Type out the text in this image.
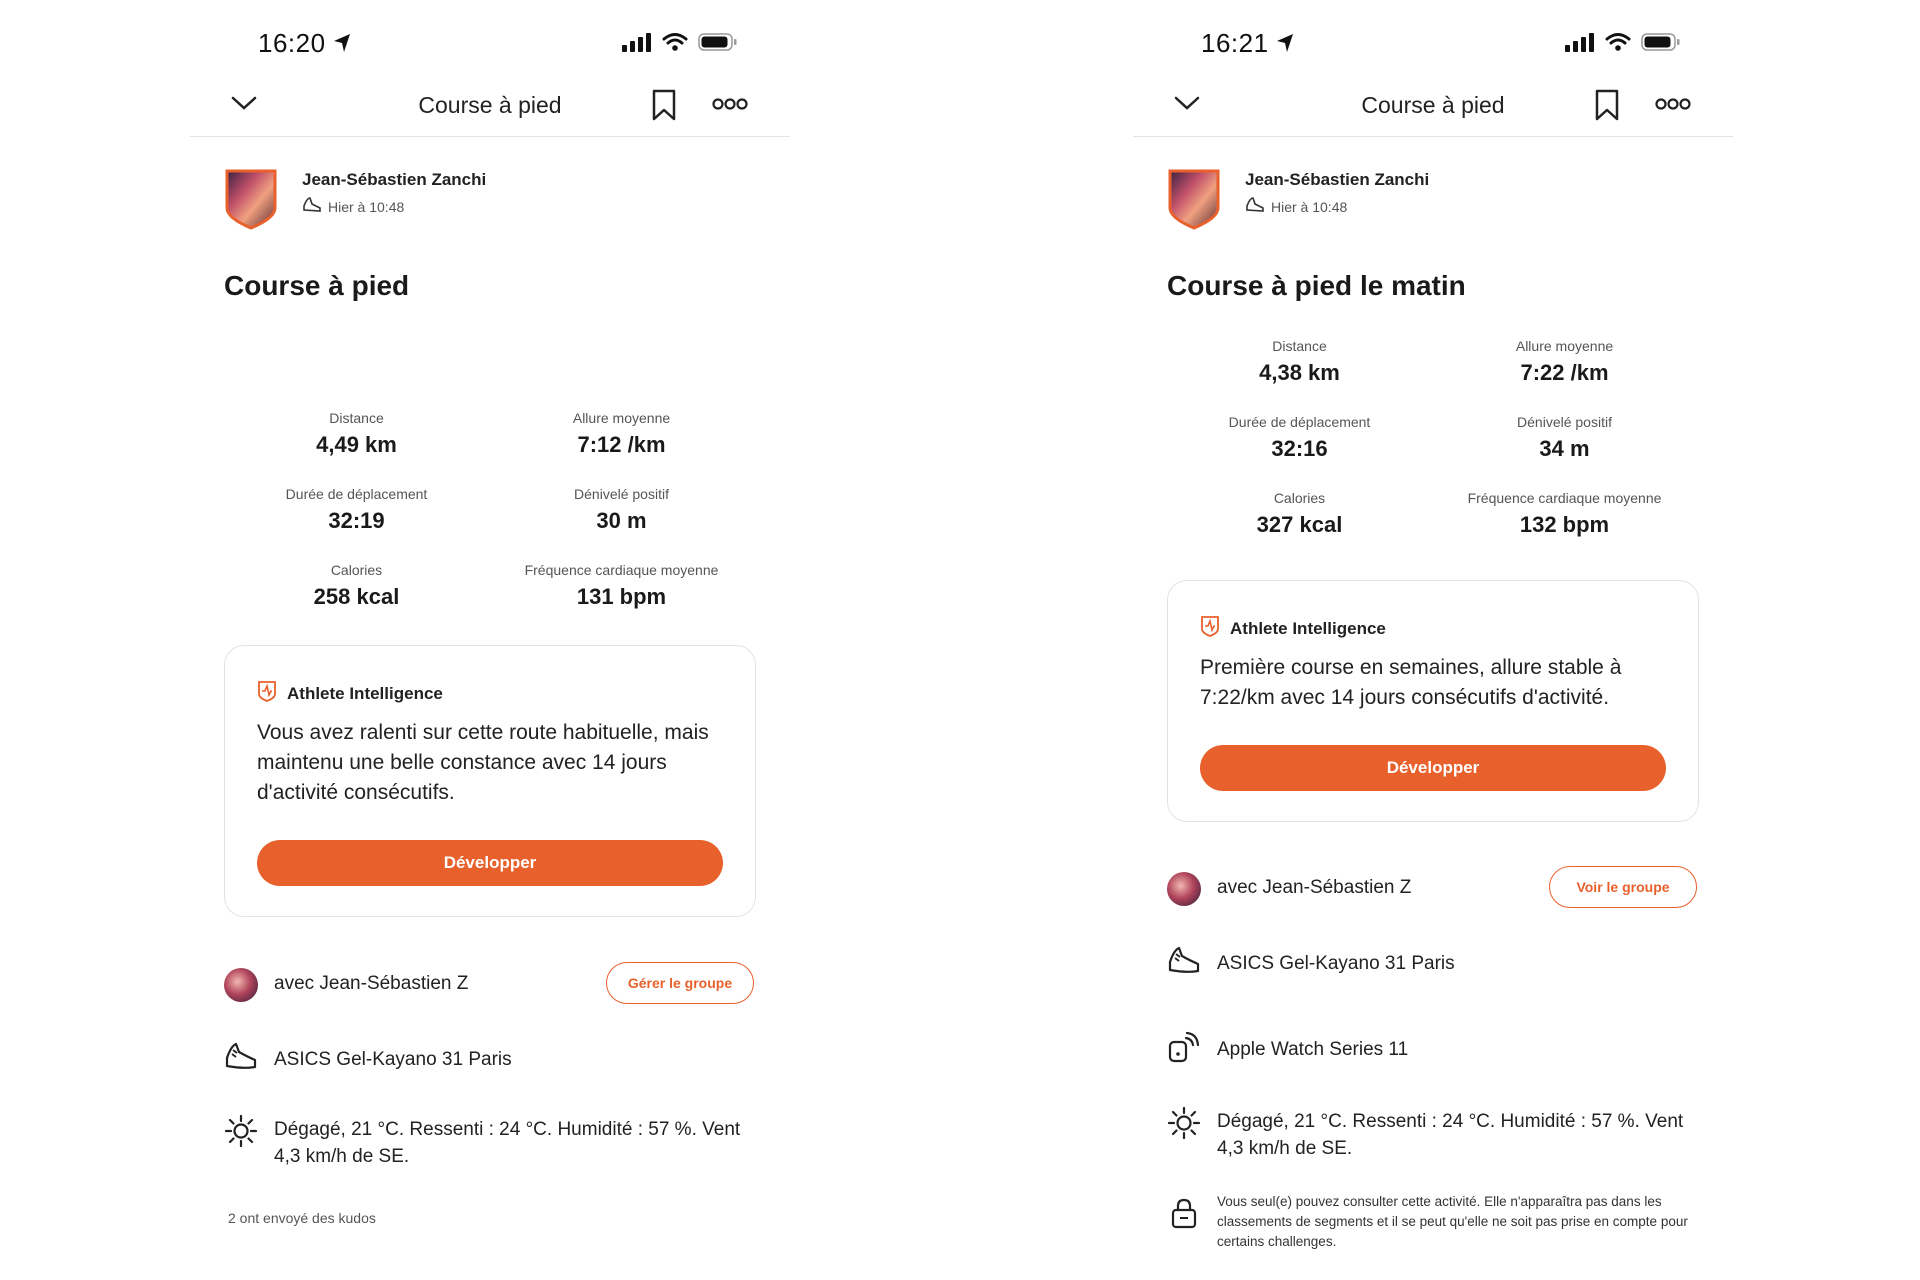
16:20
Course à pied
Jean-Sébastien Zanchi
Hier à 10:48
Course à pied
Distance
4,49 km
Allure moyenne
7:12 /km
Durée de déplacement
32:19
Dénivelé positif
30 m
Calories
258 kcal
Fréquence cardiaque moyenne
131 bpm
Athlete Intelligence
Vous avez ralenti sur cette route habituelle, mais maintenu une belle constance avec 14 jours d'activité consécutifs.
Développer
avec Jean-Sébastien Z	Gérer le groupe
ASICS Gel-Kayano 31 Paris
Dégagé, 21 °C. Ressenti : 24 °C. Humidité : 57 %. Vent 4,3 km/h de SE.
2 ont envoyé des kudos
16:21
Course à pied
Jean-Sébastien Zanchi
Hier à 10:48
Course à pied le matin
Distance
4,38 km
Allure moyenne
7:22 /km
Durée de déplacement
32:16
Dénivelé positif
34 m
Calories
327 kcal
Fréquence cardiaque moyenne
132 bpm
Athlete Intelligence
Première course en semaines, allure stable à 7:22/km avec 14 jours consécutifs d'activité.
Développer
avec Jean-Sébastien Z	Voir le groupe
ASICS Gel-Kayano 31 Paris
Apple Watch Series 11
Dégagé, 21 °C. Ressenti : 24 °C. Humidité : 57 %. Vent 4,3 km/h de SE.
Vous seul(e) pouvez consulter cette activité. Elle n'apparaîtra pas dans les classements de segments et il se peut qu'elle ne soit pas prise en compte pour certains challenges.
